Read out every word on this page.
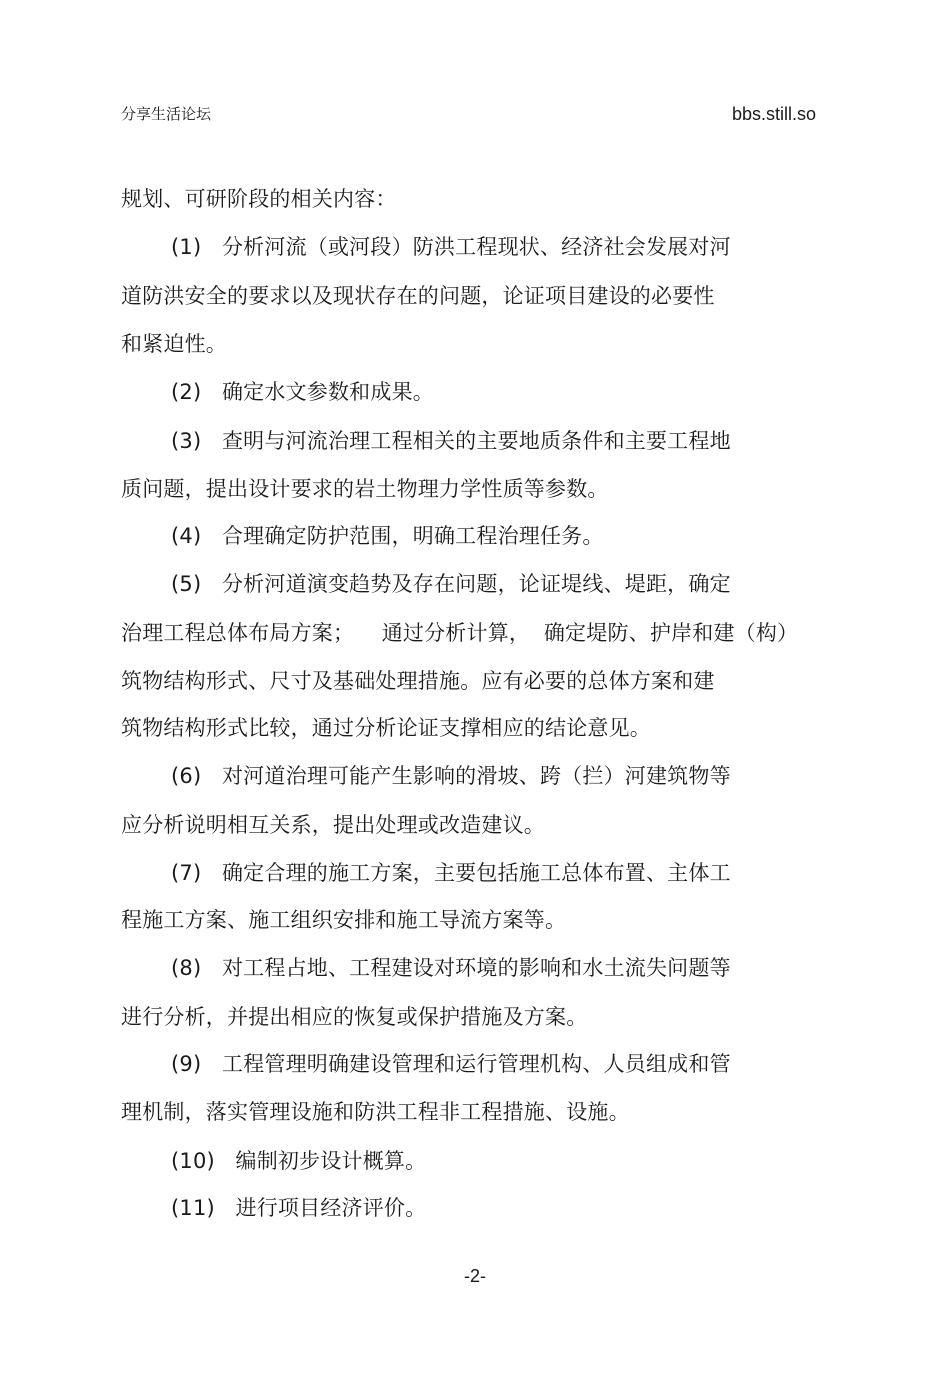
分享生活论坛	bbs.still.so
规划、可研阶段的相关内容：
(1)   分析河流（或河段）防洪工程现状、经济社会发展对河
道防洪安全的要求以及现状存在的问题，论证项目建设的必要性
和紧迫性。
(2)   确定水文参数和成果。
(3)   查明与河流治理工程相关的主要地质条件和主要工程地
质问题，提出设计要求的岩土物理力学性质等参数。
(4)   合理确定防护范围，明确工程治理任务。
(5)   分析河道演变趋势及存在问题，论证堤线、堤距，确定
治理工程总体布局方案；    通过分析计算，  确定堤防、护岸和建（构）
筑物结构形式、尺寸及基础处理措施。应有必要的总体方案和建
筑物结构形式比较，通过分析论证支撑相应的结论意见。
(6)   对河道治理可能产生影响的滑坡、跨（拦）河建筑物等
应分析说明相互关系，提出处理或改造建议。
(7)   确定合理的施工方案，主要包括施工总体布置、主体工
程施工方案、施工组织安排和施工导流方案等。
(8)   对工程占地、工程建设对环境的影响和水土流失问题等
进行分析，并提出相应的恢复或保护措施及方案。
(9)   工程管理明确建设管理和运行管理机构、人员组成和管
理机制，落实管理设施和防洪工程非工程措施、设施。
(10)   编制初步设计概算。
(11)   进行项目经济评价。
-2-
